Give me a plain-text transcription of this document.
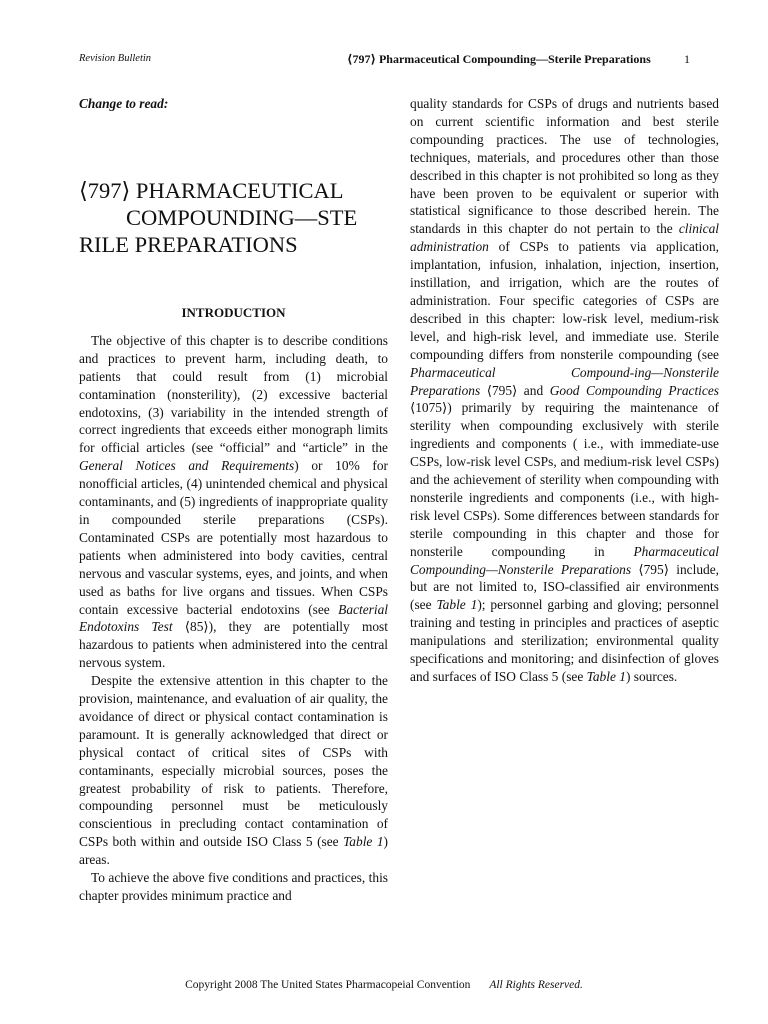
Revision Bulletin	⟨797⟩ Pharmaceutical Compounding—Sterile Preparations	1
Change to read:
⟨797⟩ PHARMACEUTICAL
COMPOUNDING—STE
RILE PREPARATIONS
INTRODUCTION

The objective of this chapter is to describe conditions and practices to prevent harm, including death, to patients that could result from (1) microbial contamination (nonsterility), (2) excessive bacterial endotoxins, (3) variability in the intended strength of correct ingredients that exceeds either monograph limits for official articles (see “official” and “article” in the General Notices and Requirements) or 10% for nonofficial articles, (4) unintended chemical and physical contaminants, and (5) ingredients of inappropriate quality in compounded sterile preparations (CSPs). Contaminated CSPs are potentially most hazardous to patients when administered into body cavities, central nervous and vascular systems, eyes, and joints, and when used as baths for live organs and tissues. When CSPs contain excessive bacterial endotoxins (see Bacterial Endotoxins Test ⟨85⟩), they are potentially most hazardous to patients when administered into the central nervous system.

Despite the extensive attention in this chapter to the provision, maintenance, and evaluation of air quality, the avoidance of direct or physical contact contamination is paramount. It is generally acknowledged that direct or physical contact of critical sites of CSPs with contaminants, especially microbial sources, poses the greatest probability of risk to patients. Therefore, compounding personnel must be meticulously conscientious in precluding contact contamination of CSPs both within and outside ISO Class 5 (see Table 1) areas.

To achieve the above five conditions and practices, this chapter provides minimum practice and

quality standards for CSPs of drugs and nutrients based on current scientific information and best sterile compounding practices. The use of technologies, techniques, materials, and procedures other than those described in this chapter is not prohibited so long as they have been proven to be equivalent or superior with statistical significance to those described herein. The standards in this chapter do not pertain to the clinical administration of CSPs to patients via application, implantation, infusion, inhalation, injection, insertion, instillation, and irrigation, which are the routes of administration. Four specific categories of CSPs are described in this chapter: low-risk level, medium-risk level, and high-risk level, and immediate use. Sterile compounding differs from nonsterile compounding (see Pharmaceutical Compound-ing—Nonsterile Preparations ⟨795⟩ and Good Compounding Practices ⟨1075⟩) primarily by requiring the maintenance of sterility when compounding exclusively with sterile ingredients and components ( i.e., with immediate-use CSPs, low-risk level CSPs, and medium-risk level CSPs) and the achievement of sterility when compounding with nonsterile ingredients and components (i.e., with high-risk level CSPs). Some differences between standards for sterile compounding in this chapter and those for nonsterile compounding in Pharmaceutical Compounding—Nonsterile Preparations ⟨795⟩ include, but are not limited to, ISO-classified air environments (see Table 1); personnel garbing and gloving; personnel training and testing in principles and practices of aseptic manipulations and sterilization; environmental quality specifications and monitoring; and disinfection of gloves and surfaces of ISO Class 5 (see Table 1) sources.

Copyright 2008 The United States Pharmacopeial Convention All Rights Reserved.
